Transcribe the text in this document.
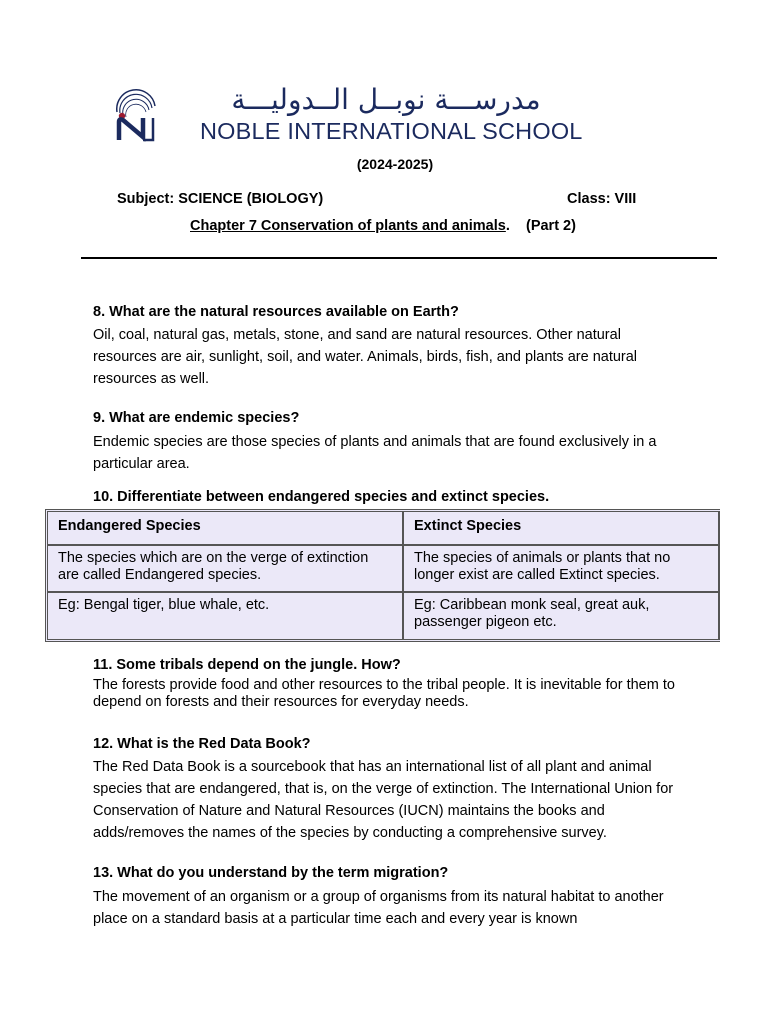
مدرســـة نوبــل الــدوليـــة
NOBLE INTERNATIONAL SCHOOL
(2024-2025)
Subject: SCIENCE (BIOLOGY)	Class: VIII
Chapter 7 Conservation of plants and animals.    (Part 2)
8. What are the natural resources available on Earth?
Oil, coal, natural gas, metals, stone, and sand are natural resources. Other natural resources are air, sunlight, soil, and water. Animals, birds, fish, and plants are natural resources as well.
9. What are endemic species?
Endemic species are those species of plants and animals that are found exclusively in a particular area.
10. Differentiate between endangered species and extinct species.
Endangered Species	Extinct Species
The species which are on the verge of extinction are called Endangered species.	The species of animals or plants that no longer exist are called Extinct species.
Eg: Bengal tiger, blue whale, etc.	Eg: Caribbean monk seal, great auk, passenger pigeon etc.
11. Some tribals depend on the jungle. How?
The forests provide food and other resources to the tribal people. It is inevitable for them to depend on forests and their resources for everyday needs.
12. What is the Red Data Book?
The Red Data Book is a sourcebook that has an international list of all plant and animal species that are endangered, that is, on the verge of extinction. The International Union for Conservation of Nature and Natural Resources (IUCN) maintains the books and adds/removes the names of the species by conducting a comprehensive survey.
13. What do you understand by the term migration?
The movement of an organism or a group of organisms from its natural habitat to another place on a standard basis at a particular time each and every year is known
